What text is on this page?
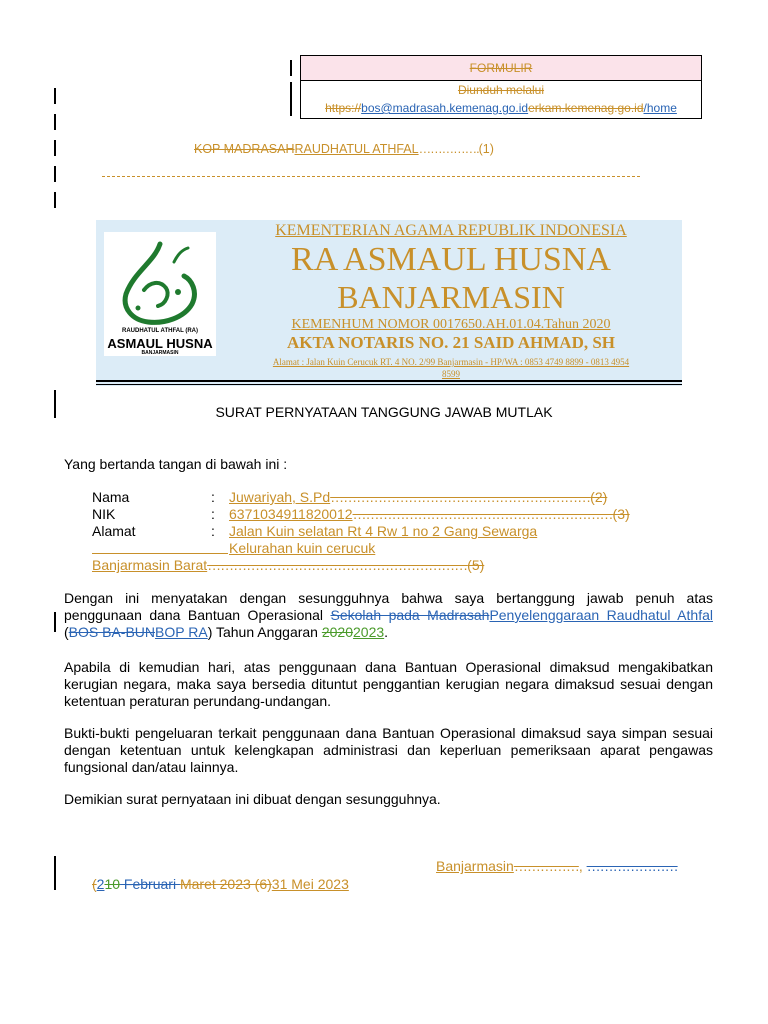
FORMULIR
Diunduh melalui
https://bos@madrasah.kemenag.go.iderkam.kemenag.go.id/home
KOP MADRASAHRAUDHATUL ATHFAL…………….(1)
RAUDHATUL ATHFAL (RA)
ASMAUL HUSNA
BANJARMASIN
KEMENTERIAN AGAMA REPUBLIK INDONESIA
RA ASMAUL HUSNA
BANJARMASIN
KEMENHUM NOMOR 0017650.AH.01.04.Tahun 2020
AKTA NOTARIS NO. 21 SAID AHMAD, SH
Alamat : Jalan Kuin Cerucuk RT. 4 NO. 2/99 Banjarmasin - HP/WA : 0853 4749 8899 - 0813 4954
8599
SURAT PERNYATAAN TANGGUNG JAWAB MUTLAK
Yang bertanda tangan di bawah ini :
Nama	: Juwariyah, S.Pd……………………………………………………(2)
NIK	: 6371034911820012……………………………………………………(3)
Alamat	: Jalan Kuin selatan Rt 4 Rw 1 no 2 Gang Sewarga
Kelurahan kuin cerucuk
Banjarmasin Barat……………………………………………………(5)
Dengan ini menyatakan dengan sesungguhnya bahwa saya bertanggung jawab penuh atas penggunaan dana Bantuan Operasional Sekolah pada MadrasahPenyelenggaraan Raudhatul Athfal (BOS BA-BUNBOP RA) Tahun Anggaran 20202023.
Apabila di kemudian hari, atas penggunaan dana Bantuan Operasional dimaksud mengakibatkan kerugian negara, maka saya bersedia dituntut penggantian kerugian negara dimaksud sesuai dengan ketentuan peraturan perundang-undangan.
Bukti-bukti pengeluaran terkait penggunaan dana Bantuan Operasional dimaksud saya simpan sesuai dengan ketentuan untuk kelengkapan administrasi dan keperluan pemeriksaan aparat pengawas fungsional dan/atau lainnya.
Demikian surat pernyataan ini dibuat dengan sesungguhnya.
Banjarmasin……………, …………………
(210 Februari Maret 2023 (6)31 Mei 2023
